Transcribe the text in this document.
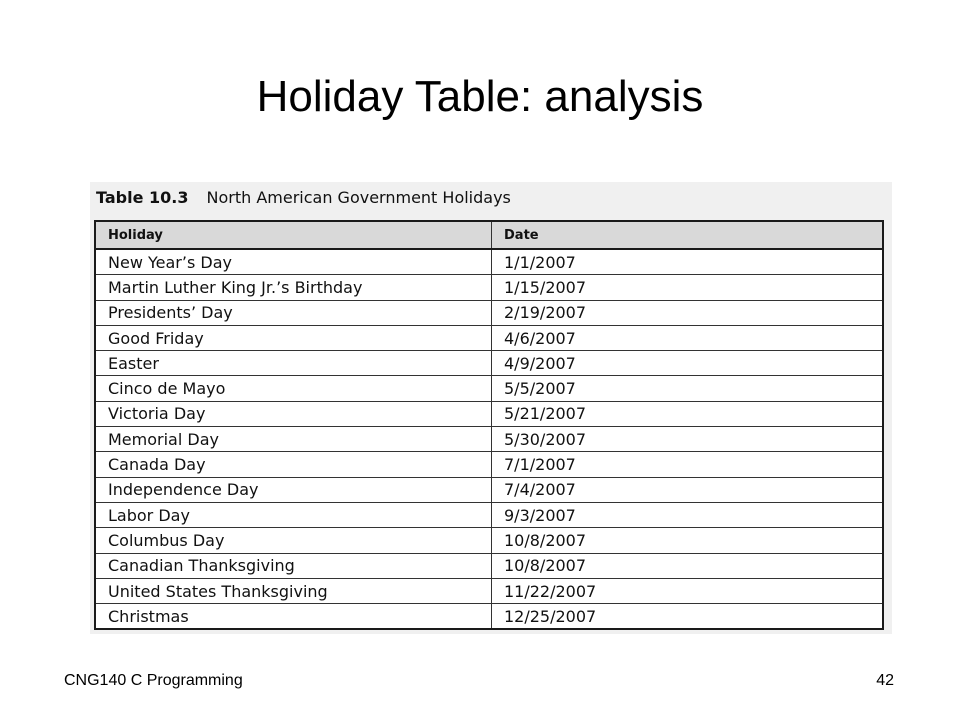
Holiday Table: analysis
Table 10.3 North American Government Holidays
Holiday	Date
New Year’s Day	1/1/2007
Martin Luther King Jr.’s Birthday	1/15/2007
Presidents’ Day	2/19/2007
Good Friday	4/6/2007
Easter	4/9/2007
Cinco de Mayo	5/5/2007
Victoria Day	5/21/2007
Memorial Day	5/30/2007
Canada Day	7/1/2007
Independence Day	7/4/2007
Labor Day	9/3/2007
Columbus Day	10/8/2007
Canadian Thanksgiving	10/8/2007
United States Thanksgiving	11/22/2007
Christmas	12/25/2007
CNG140 C Programming	42
